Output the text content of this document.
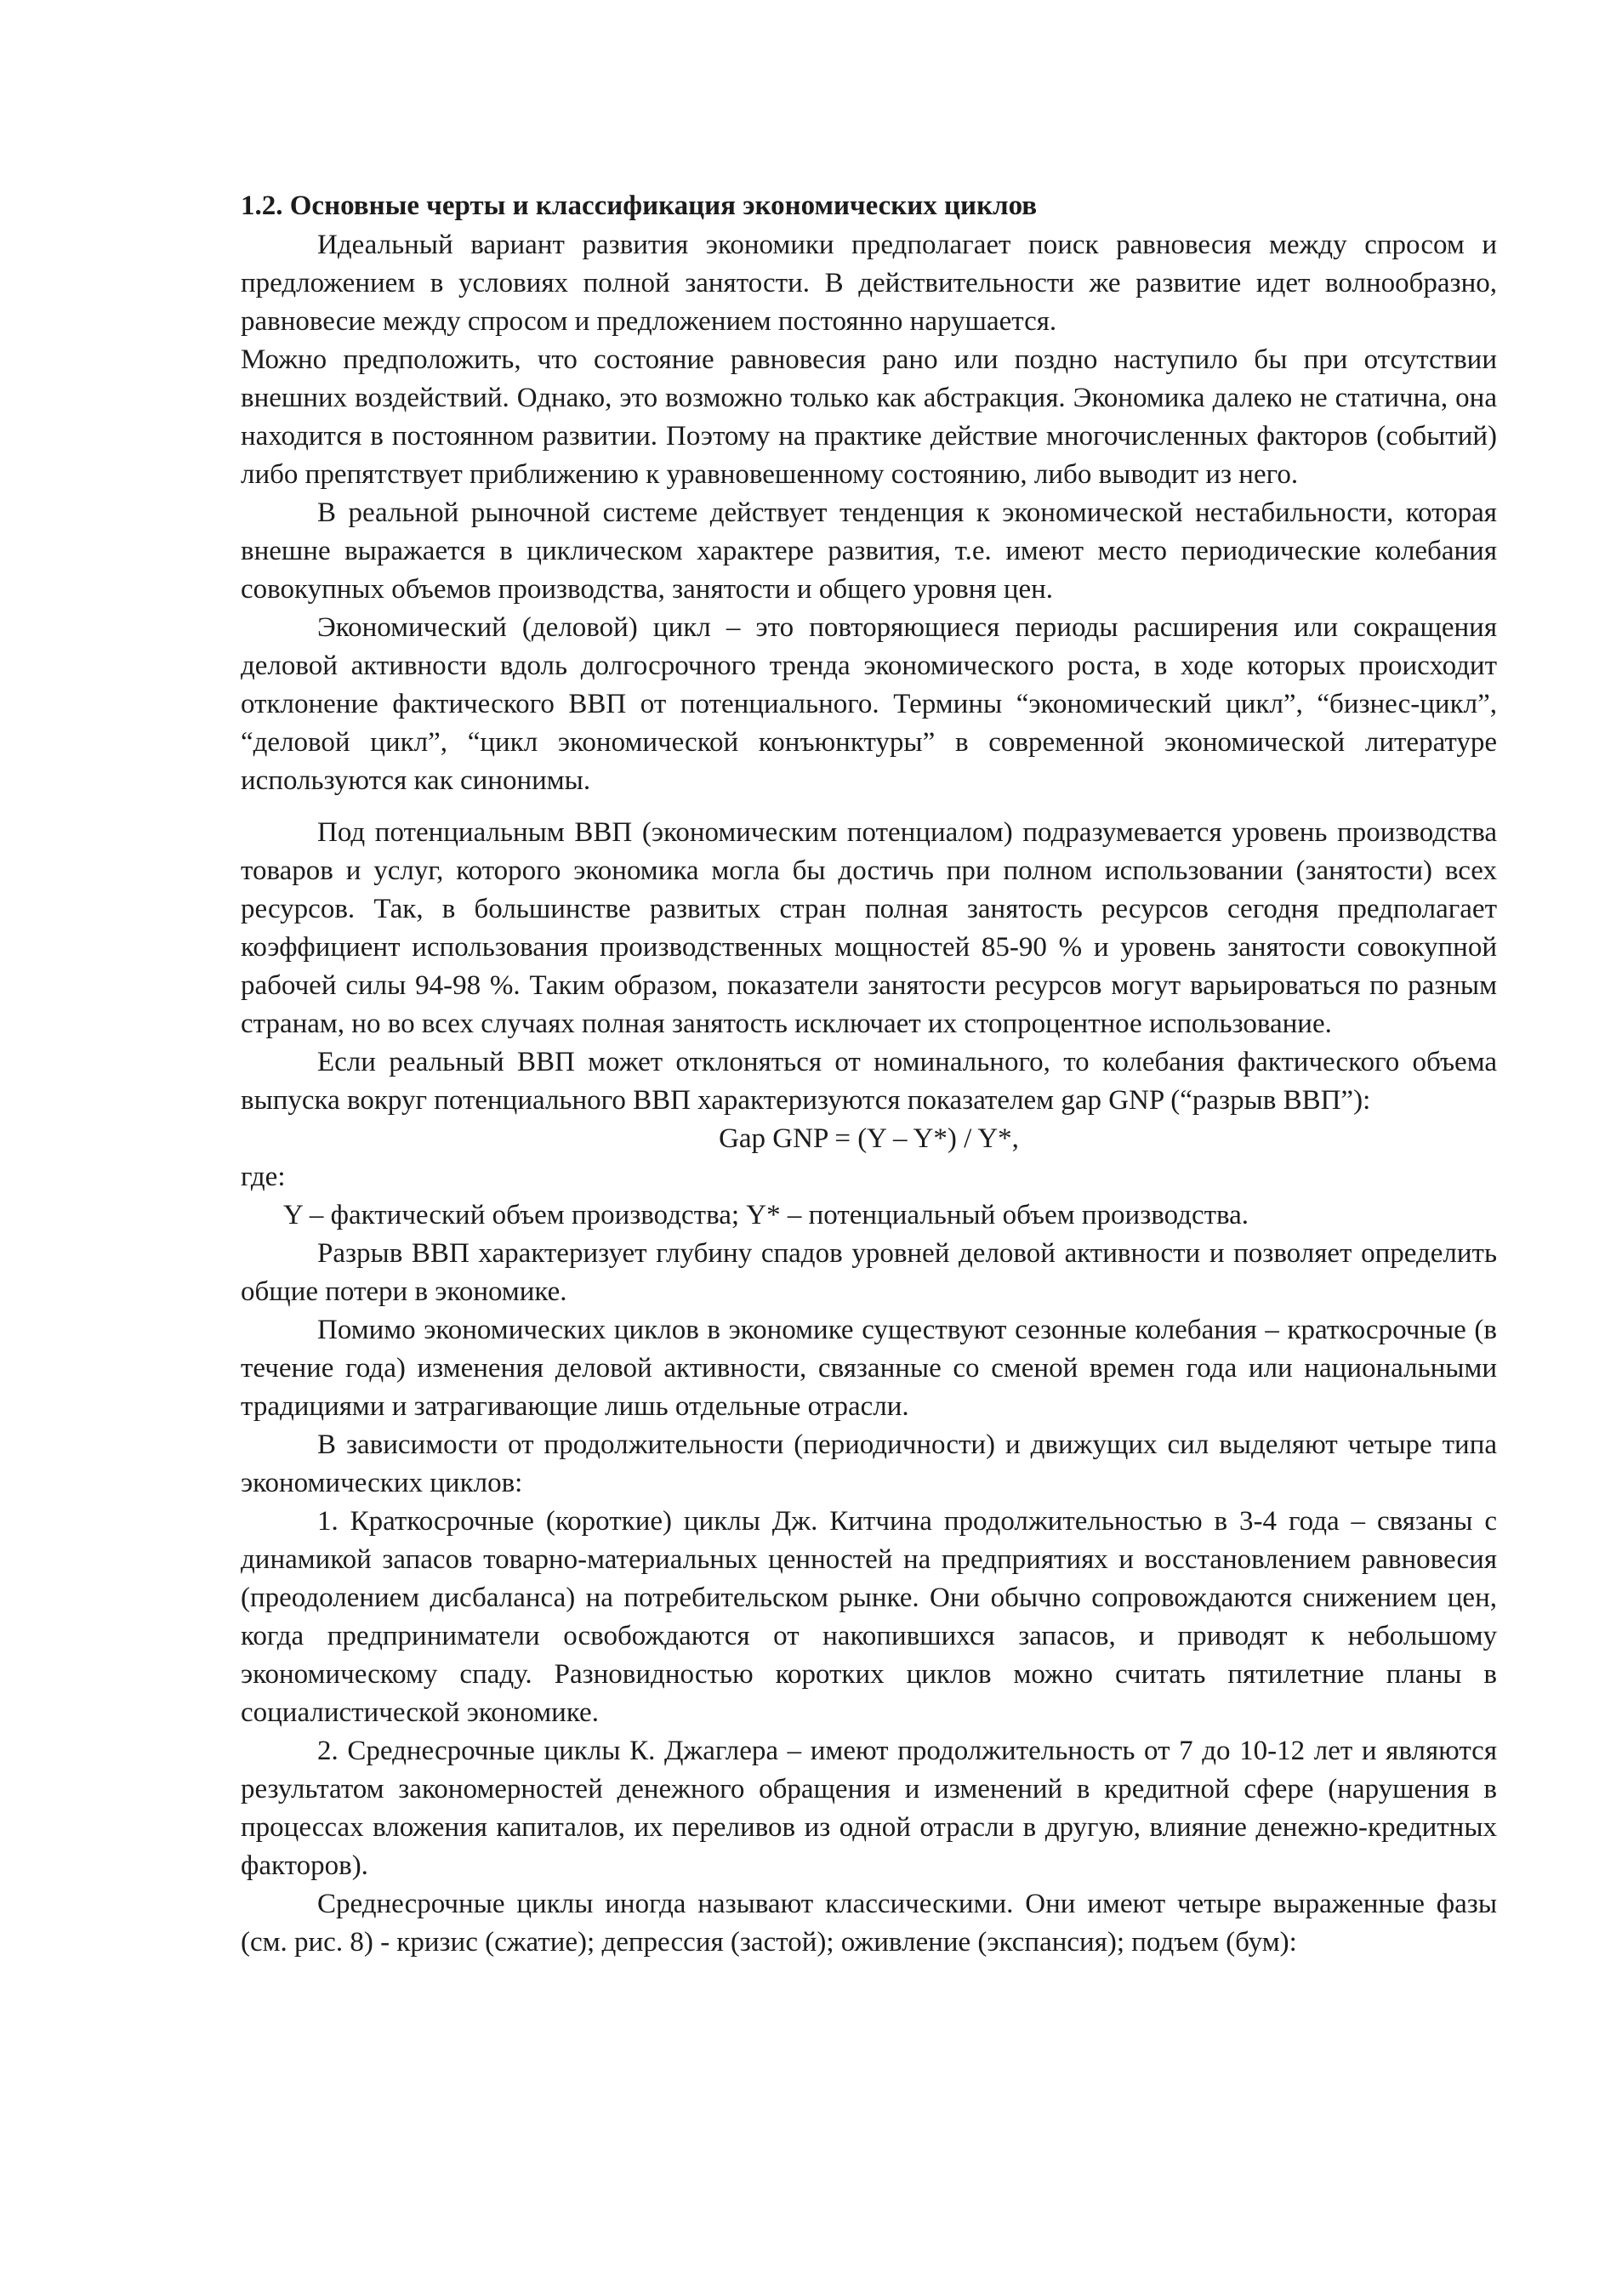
1.2. Основные черты и классификация экономических циклов

Идеальный вариант развития экономики предполагает поиск равновесия между спросом и предложением в условиях полной занятости. В действительности же развитие идет волнообразно, равновесие между спросом и предложением постоянно нарушается.

Можно предположить, что состояние равновесия рано или поздно наступило бы при отсутствии внешних воздействий. Однако, это возможно только как абстракция. Экономика далеко не статична, она находится в постоянном развитии. Поэтому на практике действие многочисленных факторов (событий) либо препятствует приближению к уравновешенному состоянию, либо выводит из него.

В реальной рыночной системе действует тенденция к экономической нестабильности, которая внешне выражается в циклическом характере развития, т.е. имеют место периодические колебания совокупных объемов производства, занятости и общего уровня цен.

Экономический (деловой) цикл – это повторяющиеся периоды расширения или сокращения деловой активности вдоль долгосрочного тренда экономического роста, в ходе которых происходит отклонение фактического ВВП от потенциального. Термины “экономический цикл”, “бизнес-цикл”, “деловой цикл”, “цикл экономической конъюнктуры” в современной экономической литературе используются как синонимы.

Под потенциальным ВВП (экономическим потенциалом) подразумевается уровень производства товаров и услуг, которого экономика могла бы достичь при полном использовании (занятости) всех ресурсов. Так, в большинстве развитых стран полная занятость ресурсов сегодня предполагает коэффициент использования производственных мощностей 85-90 % и уровень занятости совокупной рабочей силы 94-98 %. Таким образом, показатели занятости ресурсов могут варьироваться по разным странам, но во всех случаях полная занятость исключает их стопроцентное использование.

Если реальный ВВП может отклоняться от номинального, то колебания фактического объема выпуска вокруг потенциального ВВП характеризуются показателем gap GNP (“разрыв ВВП”):

Gap GNP = (Y – Y*) / Y*,

где:

Y – фактический объем производства; Y* – потенциальный объем производства.

Разрыв ВВП характеризует глубину спадов уровней деловой активности и позволяет определить общие потери в экономике.

Помимо экономических циклов в экономике существуют сезонные колебания – краткосрочные (в течение года) изменения деловой активности, связанные со сменой времен года или национальными традициями и затрагивающие лишь отдельные отрасли.

В зависимости от продолжительности (периодичности) и движущих сил выделяют четыре типа экономических циклов:

1. Краткосрочные (короткие) циклы Дж. Китчина продолжительностью в 3-4 года – связаны с динамикой запасов товарно-материальных ценностей на предприятиях и восстановлением равновесия (преодолением дисбаланса) на потребительском рынке. Они обычно сопровождаются снижением цен, когда предприниматели освобождаются от накопившихся запасов, и приводят к небольшому экономическому спаду. Разновидностью коротких циклов можно считать пятилетние планы в социалистической экономике.

2. Среднесрочные циклы К. Джаглера – имеют продолжительность от 7 до 10-12 лет и являются результатом закономерностей денежного обращения и изменений в кредитной сфере (нарушения в процессах вложения капиталов, их переливов из одной отрасли в другую, влияние денежно-кредитных факторов).

Среднесрочные циклы иногда называют классическими. Они имеют четыре выраженные фазы (см. рис. 8) - кризис (сжатие); депрессия (застой); оживление (экспансия); подъем (бум):
